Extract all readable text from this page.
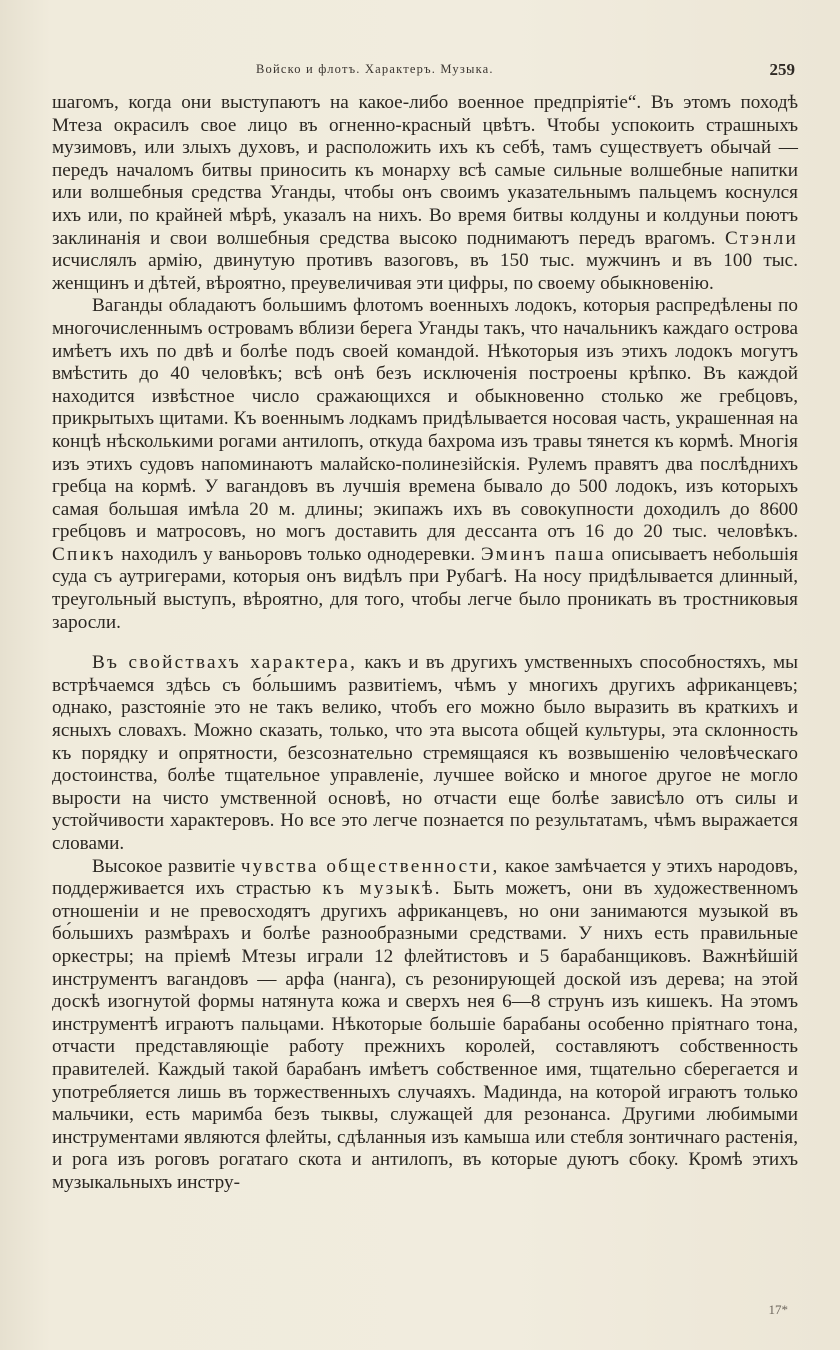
Войско и флотъ. Характеръ. Музыка.	259

шагомъ, когда они выступаютъ на какое-либо военное предпріятіе“. Въ этомъ походѣ Мтеза окрасилъ свое лицо въ огненно-красный цвѣтъ. Чтобы успокоить страшныхъ музимовъ, или злыхъ духовъ, и расположить ихъ къ себѣ, тамъ существуетъ обычай — передъ началомъ битвы приносить къ монарху всѣ самые сильные волшебные напитки или волшебныя средства Уганды, чтобы онъ своимъ указательнымъ пальцемъ коснулся ихъ или, по крайней мѣрѣ, указалъ на нихъ. Во время битвы колдуны и колдуньи поютъ заклинанія и свои волшебныя средства высоко поднимаютъ передъ врагомъ. Стэнли исчислялъ армію, двинутую противъ вазоговъ, въ 150 тыс. мужчинъ и въ 100 тыс. женщинъ и дѣтей, вѣроятно, преувеличивая эти цифры, по своему обыкновенію.

Ваганды обладаютъ большимъ флотомъ военныхъ лодокъ, которыя распредѣлены по многочисленнымъ островамъ вблизи берега Уганды такъ, что начальникъ каждаго острова имѣетъ ихъ по двѣ и болѣе подъ своей командой. Нѣкоторыя изъ этихъ лодокъ могутъ вмѣстить до 40 человѣкъ; всѣ онѣ безъ исключенія построены крѣпко. Въ каждой находится извѣстное число сражающихся и обыкновенно столько же гребцовъ, прикрытыхъ щитами. Къ военнымъ лодкамъ придѣлывается носовая часть, украшенная на концѣ нѣсколькими рогами антилопъ, откуда бахрома изъ травы тянется къ кормѣ. Многія изъ этихъ судовъ напоминаютъ малайско-полинезійскія. Рулемъ правятъ два послѣднихъ гребца на кормѣ. У вагандовъ въ лучшія времена бывало до 500 лодокъ, изъ которыхъ самая большая имѣла 20 м. длины; экипажъ ихъ въ совокупности доходилъ до 8600 гребцовъ и матросовъ, но могъ доставить для дессанта отъ 16 до 20 тыс. человѣкъ. Спикъ находилъ у ваньоровъ только однодеревки. Эминъ паша описываетъ небольшія суда съ аутригерами, которыя онъ видѣлъ при Рубагѣ. На носу придѣлывается длинный, треугольный выступъ, вѣроятно, для того, чтобы легче было проникать въ тростниковыя заросли.

Въ свойствахъ характера, какъ и въ другихъ умственныхъ способностяхъ, мы встрѣчаемся здѣсь съ бо́льшимъ развитіемъ, чѣмъ у многихъ другихъ африканцевъ; однако, разстояніе это не такъ велико, чтобъ его можно было выразить въ краткихъ и ясныхъ словахъ. Можно сказать, только, что эта высота общей культуры, эта склонность къ порядку и опрятности, безсознательно стремящаяся къ возвышенію человѣческаго достоинства, болѣе тщательное управленіе, лучшее войско и многое другое не могло вырости на чисто умственной основѣ, но отчасти еще болѣе зависѣло отъ силы и устойчивости характеровъ. Но все это легче познается по результатамъ, чѣмъ выражается словами.

Высокое развитіе чувства общественности, какое замѣчается у этихъ народовъ, поддерживается ихъ страстью къ музыкѣ. Быть можетъ, они въ художественномъ отношеніи и не превосходятъ другихъ африканцевъ, но они занимаются музыкой въ бо́льшихъ размѣрахъ и болѣе разнообразными средствами. У нихъ есть правильные оркестры; на пріемѣ Мтезы играли 12 флейтистовъ и 5 барабанщиковъ. Важнѣйшій инструментъ вагандовъ — арфа (нанга), съ резонирующей доской изъ дерева; на этой доскѣ изогнутой формы натянута кожа и сверхъ нея 6—8 струнъ изъ кишекъ. На этомъ инструментѣ играютъ пальцами. Нѣкоторые большіе барабаны особенно пріятнаго тона, отчасти представляющіе работу прежнихъ королей, составляютъ собственность правителей. Каждый такой барабанъ имѣетъ собственное имя, тщательно сберегается и употребляется лишь въ торжественныхъ случаяхъ. Мадинда, на которой играютъ только мальчики, есть маримба безъ тыквы, служащей для резонанса. Другими любимыми инструментами являются флейты, сдѣланныя изъ камыша или стебля зонтичнаго растенія, и рога изъ роговъ рогатаго скота и антилопъ, въ которые дуютъ сбоку. Кромѣ этихъ музыкальныхъ инстру-

17*
